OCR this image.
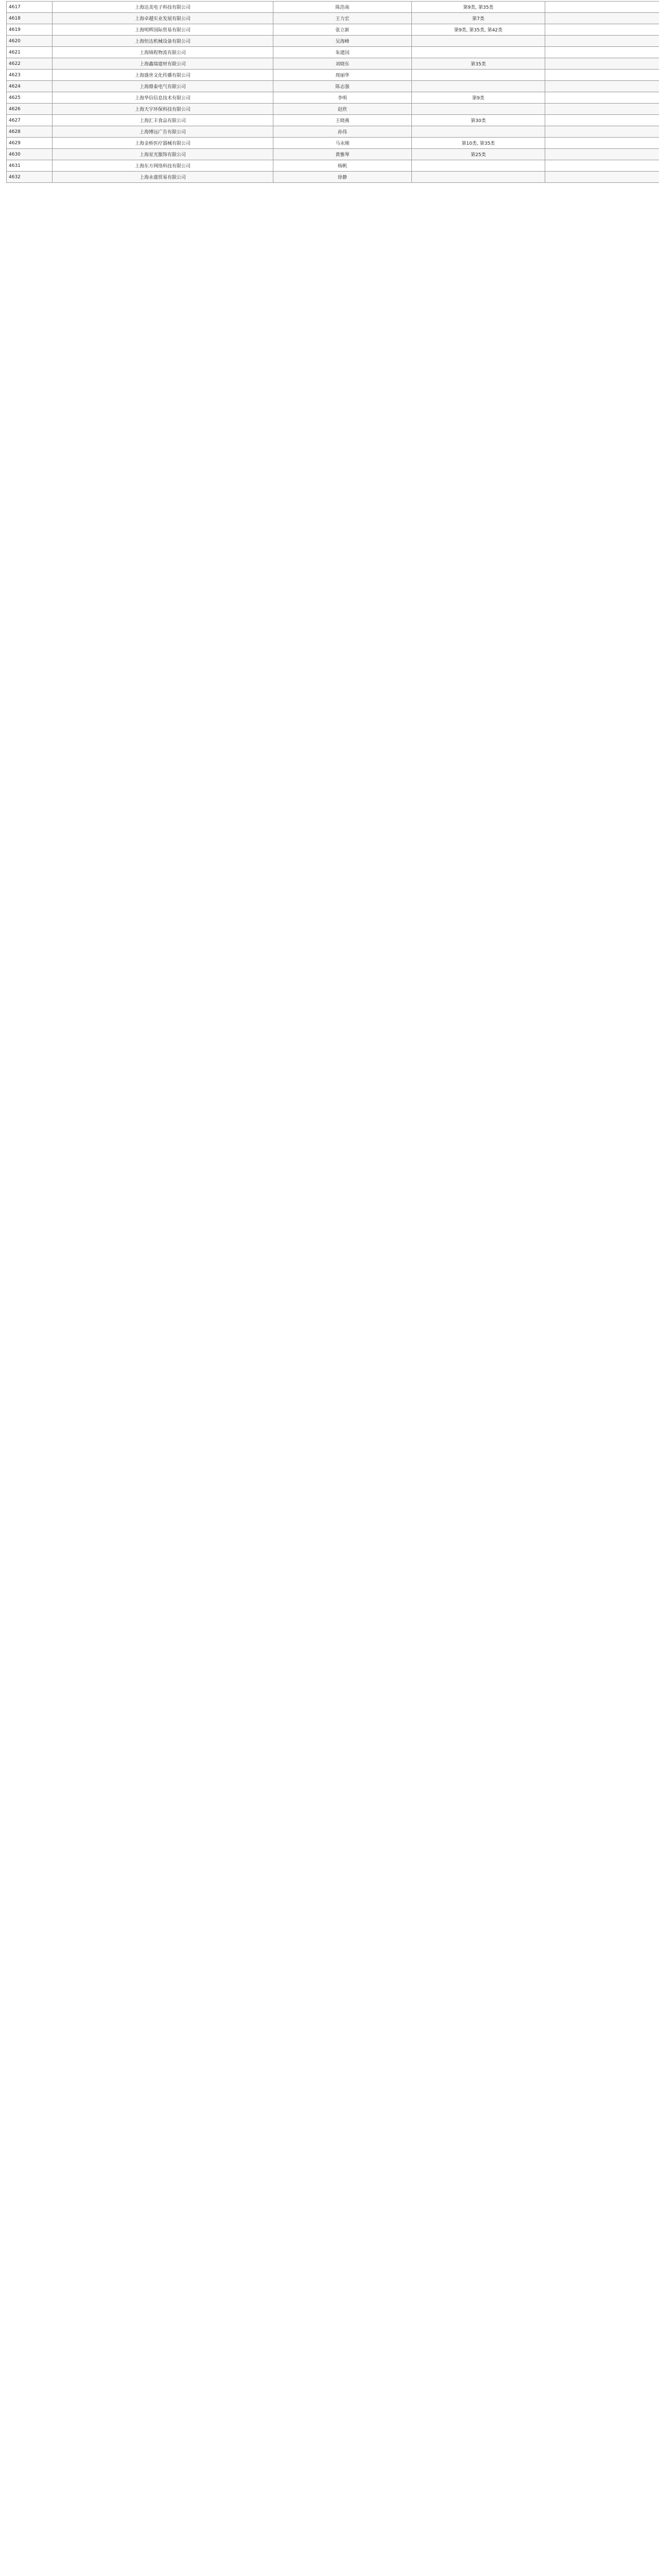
4617	上海达美电子科技有限公司	陈浩南	第9类, 第35类	
4618	上海卓越实业发展有限公司	王力宏	第7类	
4619	上海明辉国际贸易有限公司	张立新	第9类, 第35类, 第42类	
4620	上海恒达机械设备有限公司	吴海峰		
4621	上海锦程物流有限公司	朱建国		
4622	上海鑫瑞建材有限公司	刘晓东	第35类	
4623	上海盛世文化传播有限公司	周丽华		
4624	上海鼎泰电气有限公司	陈志强		
4625	上海华信信息技术有限公司	李明	第9类	
4626	上海天宇环保科技有限公司	赵欣		
4627	上海汇丰食品有限公司	王晓燕	第30类	
4628	上海博远广告有限公司	孙伟		
4629	上海金桥医疗器械有限公司	马永刚	第10类, 第35类	
4630	上海星光服饰有限公司	黄雅琴	第25类	
4631	上海东方网络科技有限公司	杨帆		
4632	上海永盛贸易有限公司	徐静		
